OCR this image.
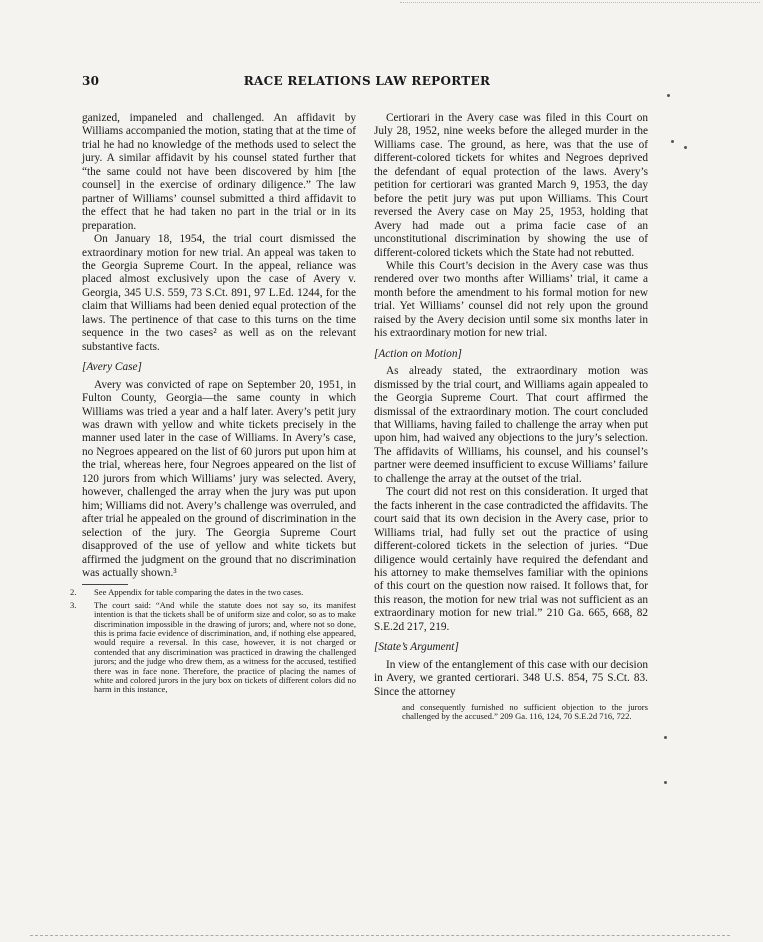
30	RACE RELATIONS LAW REPORTER

ganized, impaneled and challenged. An affidavit by Williams accompanied the motion, stating that at the time of trial he had no knowledge of the methods used to select the jury. A similar affidavit by his counsel stated further that “the same could not have been discovered by him [the counsel] in the exercise of ordinary diligence.” The law partner of Williams’ counsel submitted a third affidavit to the effect that he had taken no part in the trial or in its preparation.

On January 18, 1954, the trial court dismissed the extraordinary motion for new trial. An appeal was taken to the Georgia Supreme Court. In the appeal, reliance was placed almost exclusively upon the case of Avery v. Georgia, 345 U.S. 559, 73 S.Ct. 891, 97 L.Ed. 1244, for the claim that Williams had been denied equal protection of the laws. The pertinence of that case to this turns on the time sequence in the two cases² as well as on the relevant substantive facts.

[Avery Case]

Avery was convicted of rape on September 20, 1951, in Fulton County, Georgia—the same county in which Williams was tried a year and a half later. Avery’s petit jury was drawn with yellow and white tickets precisely in the manner used later in the case of Williams. In Avery’s case, no Negroes appeared on the list of 60 jurors put upon him at the trial, whereas here, four Negroes appeared on the list of 120 jurors from which Williams’ jury was selected. Avery, however, challenged the array when the jury was put upon him; Williams did not. Avery’s challenge was overruled, and after trial he appealed on the ground of discrimination in the selection of the jury. The Georgia Supreme Court disapproved of the use of yellow and white tickets but affirmed the judgment on the ground that no discrimination was actually shown.³

2. See Appendix for table comparing the dates in the two cases.
3. The court said: “And while the statute does not say so, its manifest intention is that the tickets shall be of uniform size and color, so as to make discrimination impossible in the drawing of jurors; and, where not so done, this is prima facie evidence of discrimination, and, if nothing else appeared, would require a reversal. In this case, however, it is not charged or contended that any discrimination was practiced in drawing the challenged jurors; and the judge who drew them, as a witness for the accused, testified there was in face none. Therefore, the practice of placing the names of white and colored jurors in the jury box on tickets of different colors did no harm in this instance,

Certiorari in the Avery case was filed in this Court on July 28, 1952, nine weeks before the alleged murder in the Williams case. The ground, as here, was that the use of different-colored tickets for whites and Negroes deprived the defendant of equal protection of the laws. Avery’s petition for certiorari was granted March 9, 1953, the day before the petit jury was put upon Williams. This Court reversed the Avery case on May 25, 1953, holding that Avery had made out a prima facie case of an unconstitutional discrimination by showing the use of different-colored tickets which the State had not rebutted.

While this Court’s decision in the Avery case was thus rendered over two months after Williams’ trial, it came a month before the amendment to his formal motion for new trial. Yet Williams’ counsel did not rely upon the ground raised by the Avery decision until some six months later in his extraordinary motion for new trial.

[Action on Motion]

As already stated, the extraordinary motion was dismissed by the trial court, and Williams again appealed to the Georgia Supreme Court. That court affirmed the dismissal of the extraordinary motion. The court concluded that Williams, having failed to challenge the array when put upon him, had waived any objections to the jury’s selection. The affidavits of Williams, his counsel, and his counsel’s partner were deemed insufficient to excuse Williams’ failure to challenge the array at the outset of the trial.

The court did not rest on this consideration. It urged that the facts inherent in the case contradicted the affidavits. The court said that its own decision in the Avery case, prior to Williams trial, had fully set out the practice of using different-colored tickets in the selection of juries. “Due diligence would certainly have required the defendant and his attorney to make themselves familiar with the opinions of this court on the question now raised. It follows that, for this reason, the motion for new trial was not sufficient as an extraordinary motion for new trial.” 210 Ga. 665, 668, 82 S.E.2d 217, 219.

[State’s Argument]

In view of the entanglement of this case with our decision in Avery, we granted certiorari. 348 U.S. 854, 75 S.Ct. 83. Since the attorney

and consequently furnished no sufficient objection to the jurors challenged by the accused.” 209 Ga. 116, 124, 70 S.E.2d 716, 722.
